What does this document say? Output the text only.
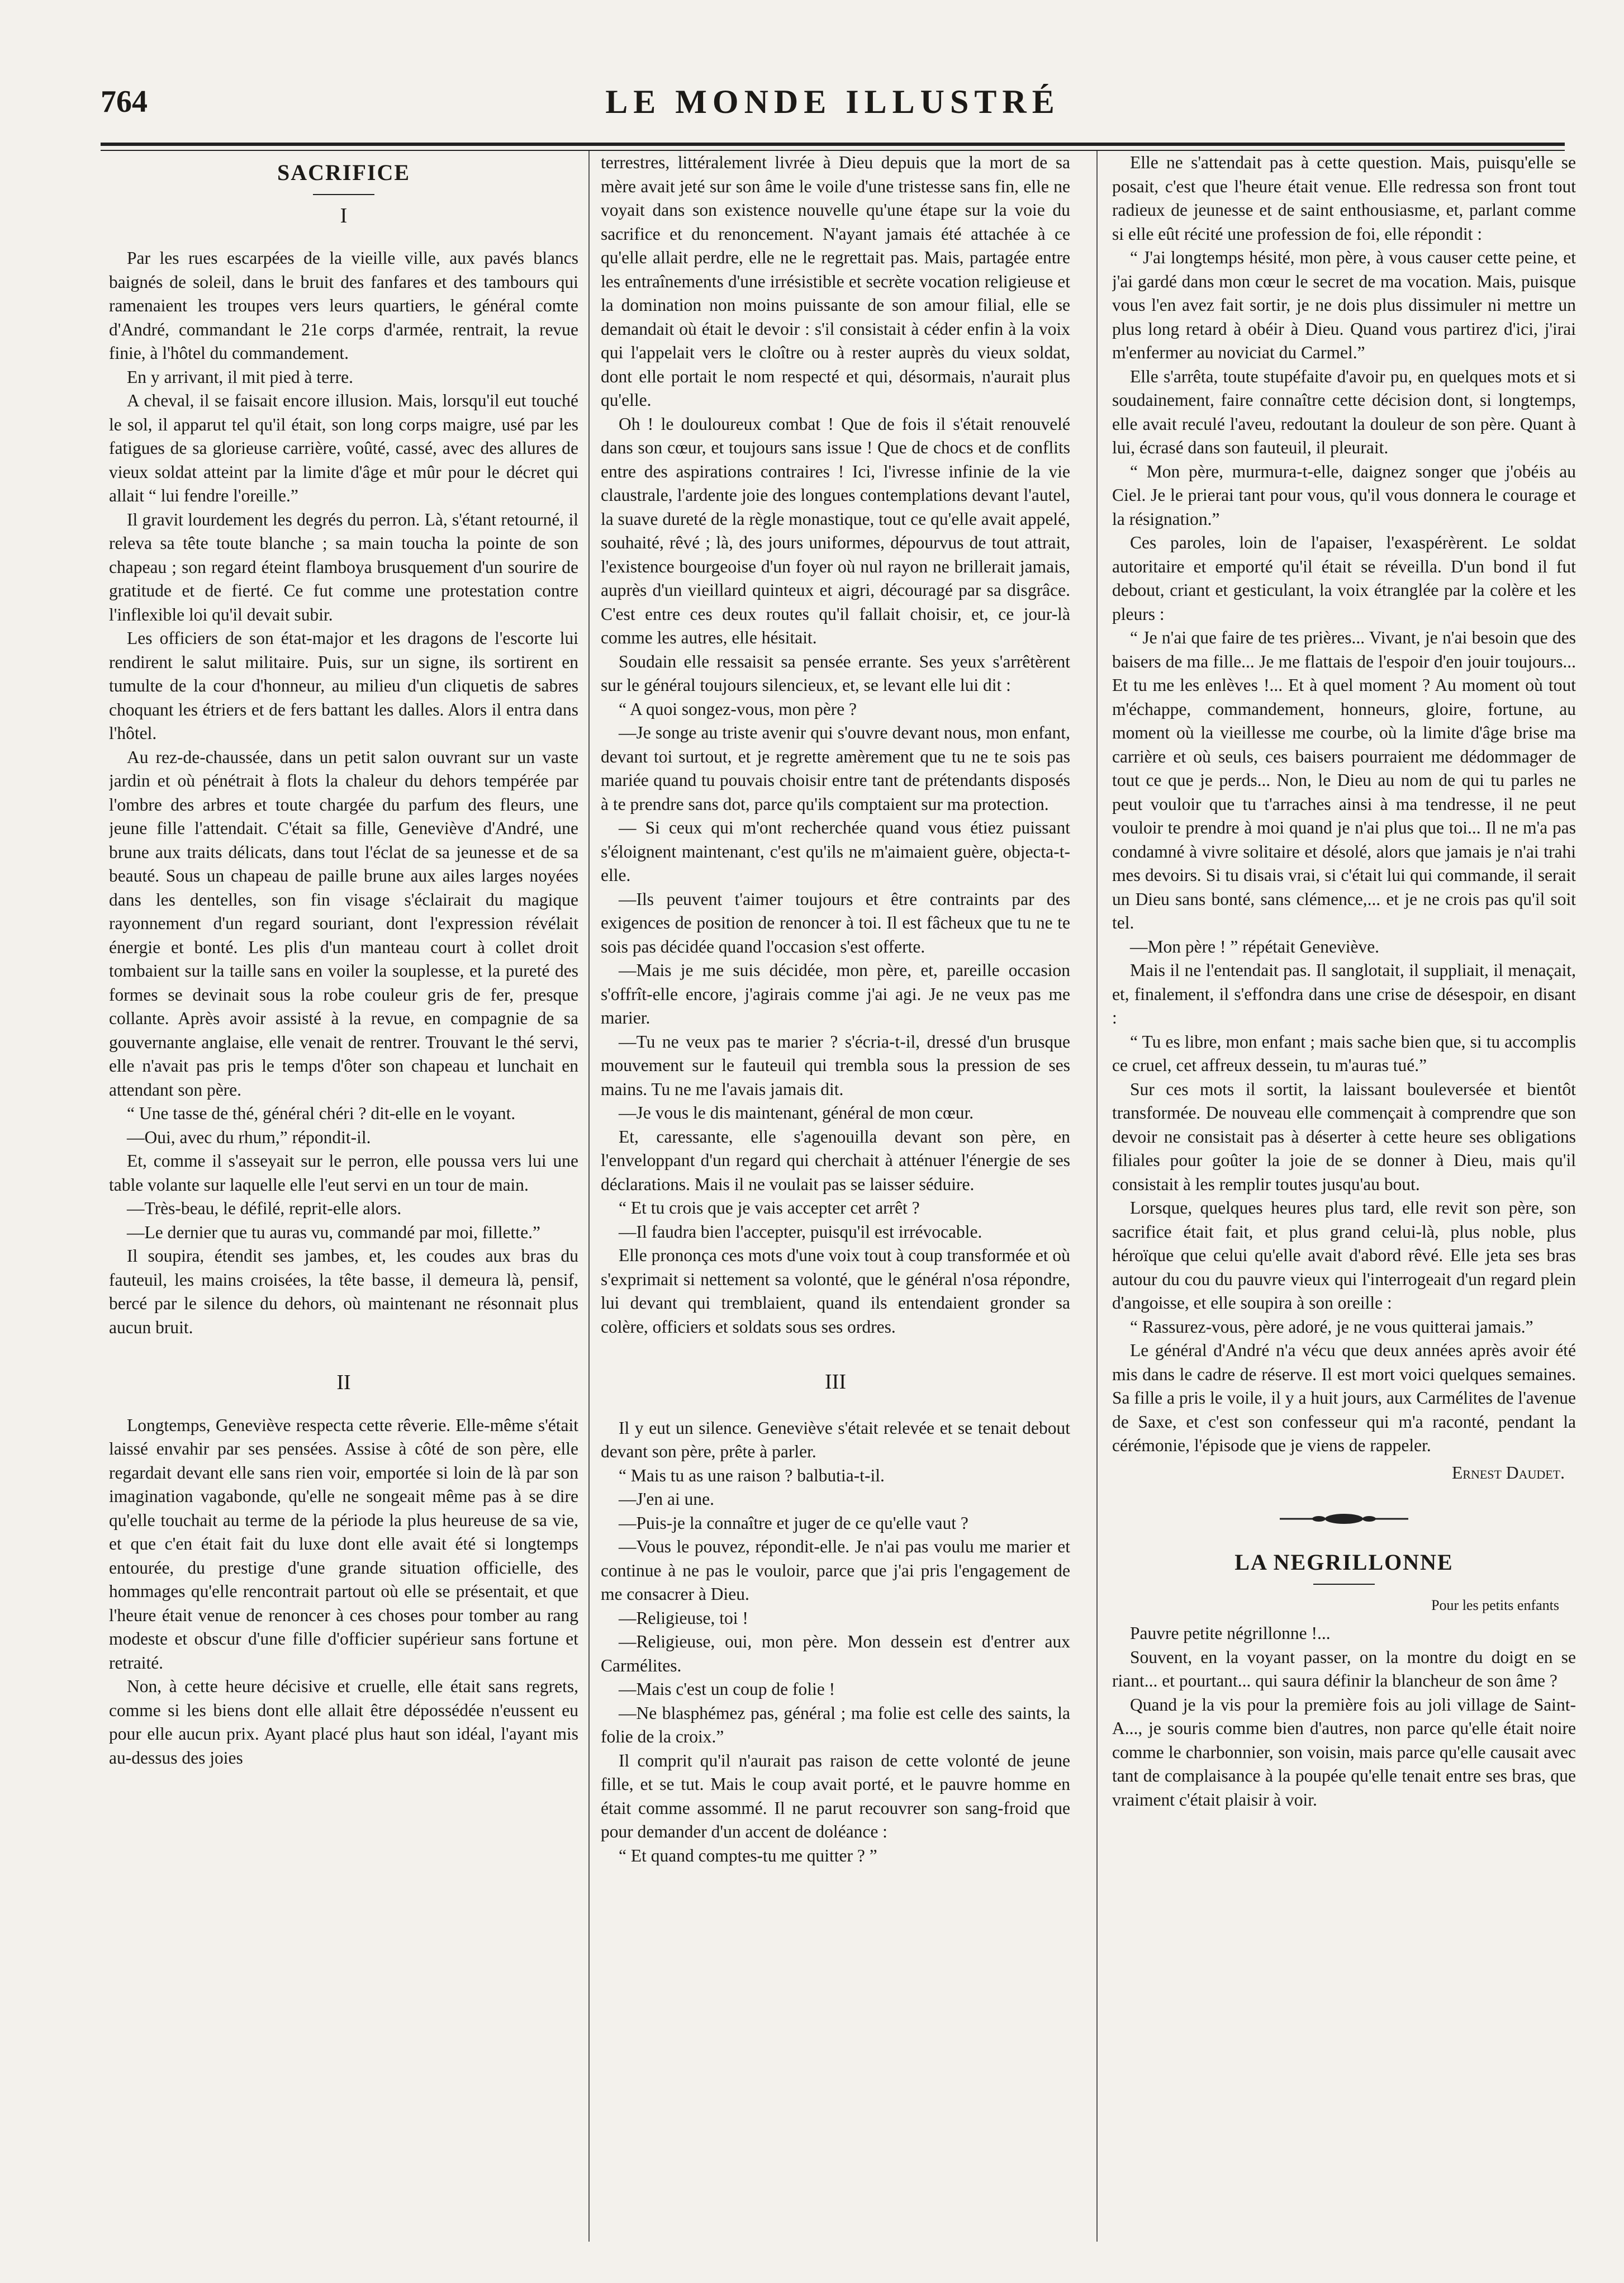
764	LE MONDE ILLUSTRÉ
SACRIFICE
I

Par les rues escarpées de la vieille ville, aux pavés blancs baignés de soleil, dans le bruit des fanfares et des tambours qui ramenaient les troupes vers leurs quartiers, le général comte d'André, commandant le 21e corps d'armée, rentrait, la revue finie, à l'hôtel du commandement.

En y arrivant, il mit pied à terre.

A cheval, il se faisait encore illusion. Mais, lorsqu'il eut touché le sol, il apparut tel qu'il était, son long corps maigre, usé par les fatigues de sa glorieuse carrière, voûté, cassé, avec des allures de vieux soldat atteint par la limite d'âge et mûr pour le décret qui allait “ lui fendre l'oreille.”

Il gravit lourdement les degrés du perron. Là, s'étant retourné, il releva sa tête toute blanche ; sa main toucha la pointe de son chapeau ; son regard éteint flamboya brusquement d'un sourire de gratitude et de fierté. Ce fut comme une protestation contre l'inflexible loi qu'il devait subir.

Les officiers de son état-major et les dragons de l'escorte lui rendirent le salut militaire. Puis, sur un signe, ils sortirent en tumulte de la cour d'honneur, au milieu d'un cliquetis de sabres choquant les étriers et de fers battant les dalles. Alors il entra dans l'hôtel.

Au rez-de-chaussée, dans un petit salon ouvrant sur un vaste jardin et où pénétrait à flots la chaleur du dehors tempérée par l'ombre des arbres et toute chargée du parfum des fleurs, une jeune fille l'attendait. C'était sa fille, Geneviève d'André, une brune aux traits délicats, dans tout l'éclat de sa jeunesse et de sa beauté. Sous un chapeau de paille brune aux ailes larges noyées dans les dentelles, son fin visage s'éclairait du magique rayonnement d'un regard souriant, dont l'expression révélait énergie et bonté. Les plis d'un manteau court à collet droit tombaient sur la taille sans en voiler la souplesse, et la pureté des formes se devinait sous la robe couleur gris de fer, presque collante. Après avoir assisté à la revue, en compagnie de sa gouvernante anglaise, elle venait de rentrer. Trouvant le thé servi, elle n'avait pas pris le temps d'ôter son chapeau et lunchait en attendant son père.

“ Une tasse de thé, général chéri ? dit-elle en le voyant.

—Oui, avec du rhum,” répondit-il.

Et, comme il s'asseyait sur le perron, elle poussa vers lui une table volante sur laquelle elle l'eut servi en un tour de main.

—Très-beau, le défilé, reprit-elle alors.

—Le dernier que tu auras vu, commandé par moi, fillette.”

Il soupira, étendit ses jambes, et, les coudes aux bras du fauteuil, les mains croisées, la tête basse, il demeura là, pensif, bercé par le silence du dehors, où maintenant ne résonnait plus aucun bruit.

II

Longtemps, Geneviève respecta cette rêverie. Elle-même s'était laissé envahir par ses pensées. Assise à côté de son père, elle regardait devant elle sans rien voir, emportée si loin de là par son imagination vagabonde, qu'elle ne songeait même pas à se dire qu'elle touchait au terme de la période la plus heureuse de sa vie, et que c'en était fait du luxe dont elle avait été si longtemps entourée, du prestige d'une grande situation officielle, des hommages qu'elle rencontrait partout où elle se présentait, et que l'heure était venue de renoncer à ces choses pour tomber au rang modeste et obscur d'une fille d'officier supérieur sans fortune et retraité.

Non, à cette heure décisive et cruelle, elle était sans regrets, comme si les biens dont elle allait être dépossédée n'eussent eu pour elle aucun prix. Ayant placé plus haut son idéal, l'ayant mis au-dessus des joies

terrestres, littéralement livrée à Dieu depuis que la mort de sa mère avait jeté sur son âme le voile d'une tristesse sans fin, elle ne voyait dans son existence nouvelle qu'une étape sur la voie du sacrifice et du renoncement. N'ayant jamais été attachée à ce qu'elle allait perdre, elle ne le regrettait pas. Mais, partagée entre les entraînements d'une irrésistible et secrète vocation religieuse et la domination non moins puissante de son amour filial, elle se demandait où était le devoir : s'il consistait à céder enfin à la voix qui l'appelait vers le cloître ou à rester auprès du vieux soldat, dont elle portait le nom respecté et qui, désormais, n'aurait plus qu'elle.

Oh ! le douloureux combat ! Que de fois il s'était renouvelé dans son cœur, et toujours sans issue ! Que de chocs et de conflits entre des aspirations contraires ! Ici, l'ivresse infinie de la vie claustrale, l'ardente joie des longues contemplations devant l'autel, la suave dureté de la règle monastique, tout ce qu'elle avait appelé, souhaité, rêvé ; là, des jours uniformes, dépourvus de tout attrait, l'existence bourgeoise d'un foyer où nul rayon ne brillerait jamais, auprès d'un vieillard quinteux et aigri, découragé par sa disgrâce. C'est entre ces deux routes qu'il fallait choisir, et, ce jour-là comme les autres, elle hésitait.

Soudain elle ressaisit sa pensée errante. Ses yeux s'arrêtèrent sur le général toujours silencieux, et, se levant elle lui dit :

“ A quoi songez-vous, mon père ?

—Je songe au triste avenir qui s'ouvre devant nous, mon enfant, devant toi surtout, et je regrette amèrement que tu ne te sois pas mariée quand tu pouvais choisir entre tant de prétendants disposés à te prendre sans dot, parce qu'ils comptaient sur ma protection.

— Si ceux qui m'ont recherchée quand vous étiez puissant s'éloignent maintenant, c'est qu'ils ne m'aimaient guère, objecta-t-elle.

—Ils peuvent t'aimer toujours et être contraints par des exigences de position de renoncer à toi. Il est fâcheux que tu ne te sois pas décidée quand l'occasion s'est offerte.

—Mais je me suis décidée, mon père, et, pareille occasion s'offrît-elle encore, j'agirais comme j'ai agi. Je ne veux pas me marier.

—Tu ne veux pas te marier ? s'écria-t-il, dressé d'un brusque mouvement sur le fauteuil qui trembla sous la pression de ses mains. Tu ne me l'avais jamais dit.

—Je vous le dis maintenant, général de mon cœur.

Et, caressante, elle s'agenouilla devant son père, en l'enveloppant d'un regard qui cherchait à atténuer l'énergie de ses déclarations. Mais il ne voulait pas se laisser séduire.

“ Et tu crois que je vais accepter cet arrêt ?

—Il faudra bien l'accepter, puisqu'il est irrévocable.

Elle prononça ces mots d'une voix tout à coup transformée et où s'exprimait si nettement sa volonté, que le général n'osa répondre, lui devant qui tremblaient, quand ils entendaient gronder sa colère, officiers et soldats sous ses ordres.

III

Il y eut un silence. Geneviève s'était relevée et se tenait debout devant son père, prête à parler.

“ Mais tu as une raison ? balbutia-t-il.

—J'en ai une.

—Puis-je la connaître et juger de ce qu'elle vaut ?

—Vous le pouvez, répondit-elle. Je n'ai pas voulu me marier et continue à ne pas le vouloir, parce que j'ai pris l'engagement de me consacrer à Dieu.

—Religieuse, toi !

—Religieuse, oui, mon père. Mon dessein est d'entrer aux Carmélites.

—Mais c'est un coup de folie !

—Ne blasphémez pas, général ; ma folie est celle des saints, la folie de la croix.”

Il comprit qu'il n'aurait pas raison de cette volonté de jeune fille, et se tut. Mais le coup avait porté, et le pauvre homme en était comme assommé. Il ne parut recouvrer son sang-froid que pour demander d'un accent de doléance :

“ Et quand comptes-tu me quitter ? ”

Elle ne s'attendait pas à cette question. Mais, puisqu'elle se posait, c'est que l'heure était venue. Elle redressa son front tout radieux de jeunesse et de saint enthousiasme, et, parlant comme si elle eût récité une profession de foi, elle répondit :

“ J'ai longtemps hésité, mon père, à vous causer cette peine, et j'ai gardé dans mon cœur le secret de ma vocation. Mais, puisque vous l'en avez fait sortir, je ne dois plus dissimuler ni mettre un plus long retard à obéir à Dieu. Quand vous partirez d'ici, j'irai m'enfermer au noviciat du Carmel.”

Elle s'arrêta, toute stupéfaite d'avoir pu, en quelques mots et si soudainement, faire connaître cette décision dont, si longtemps, elle avait reculé l'aveu, redoutant la douleur de son père. Quant à lui, écrasé dans son fauteuil, il pleurait.

“ Mon père, murmura-t-elle, daignez songer que j'obéis au Ciel. Je le prierai tant pour vous, qu'il vous donnera le courage et la résignation.”

Ces paroles, loin de l'apaiser, l'exaspérèrent. Le soldat autoritaire et emporté qu'il était se réveilla. D'un bond il fut debout, criant et gesticulant, la voix étranglée par la colère et les pleurs :

“ Je n'ai que faire de tes prières... Vivant, je n'ai besoin que des baisers de ma fille... Je me flattais de l'espoir d'en jouir toujours... Et tu me les enlèves !... Et à quel moment ? Au moment où tout m'échappe, commandement, honneurs, gloire, fortune, au moment où la vieillesse me courbe, où la limite d'âge brise ma carrière et où seuls, ces baisers pourraient me dédommager de tout ce que je perds... Non, le Dieu au nom de qui tu parles ne peut vouloir que tu t'arraches ainsi à ma tendresse, il ne peut vouloir te prendre à moi quand je n'ai plus que toi... Il ne m'a pas condamné à vivre solitaire et désolé, alors que jamais je n'ai trahi mes devoirs. Si tu disais vrai, si c'était lui qui commande, il serait un Dieu sans bonté, sans clémence,... et je ne crois pas qu'il soit tel.

—Mon père ! ” répétait Geneviève.

Mais il ne l'entendait pas. Il sanglotait, il suppliait, il menaçait, et, finalement, il s'effondra dans une crise de désespoir, en disant :

“ Tu es libre, mon enfant ; mais sache bien que, si tu accomplis ce cruel, cet affreux dessein, tu m'auras tué.”

Sur ces mots il sortit, la laissant bouleversée et bientôt transformée. De nouveau elle commençait à comprendre que son devoir ne consistait pas à déserter à cette heure ses obligations filiales pour goûter la joie de se donner à Dieu, mais qu'il consistait à les remplir toutes jusqu'au bout.

Lorsque, quelques heures plus tard, elle revit son père, son sacrifice était fait, et plus grand celui-là, plus noble, plus héroïque que celui qu'elle avait d'abord rêvé. Elle jeta ses bras autour du cou du pauvre vieux qui l'interrogeait d'un regard plein d'angoisse, et elle soupira à son oreille :

“ Rassurez-vous, père adoré, je ne vous quitterai jamais.”

Le général d'André n'a vécu que deux années après avoir été mis dans le cadre de réserve. Il est mort voici quelques semaines. Sa fille a pris le voile, il y a huit jours, aux Carmélites de l'avenue de Saxe, et c'est son confesseur qui m'a raconté, pendant la cérémonie, l'épisode que je viens de rappeler.

Ernest Daudet.
LA NEGRILLONNE
Pour les petits enfants

Pauvre petite négrillonne !...

Souvent, en la voyant passer, on la montre du doigt en se riant... et pourtant... qui saura définir la blancheur de son âme ?

Quand je la vis pour la première fois au joli village de Saint-A..., je souris comme bien d'autres, non parce qu'elle était noire comme le charbonnier, son voisin, mais parce qu'elle causait avec tant de complaisance à la poupée qu'elle tenait entre ses bras, que vraiment c'était plaisir à voir.
